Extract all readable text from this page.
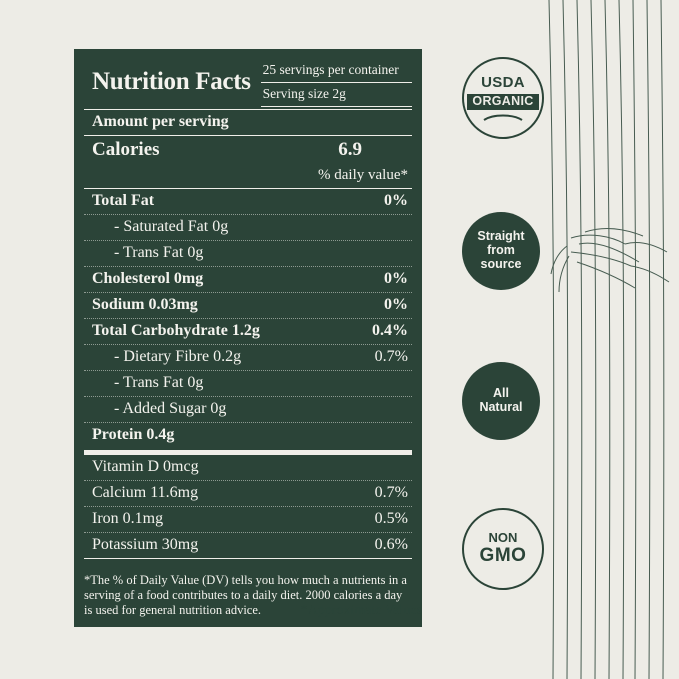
Nutrition Facts 25 servings per container
Serving size 2g
Amount per serving
Calories	6.9
% daily value*
Total Fat	0%
- Saturated Fat 0g
- Trans Fat 0g
Cholesterol 0mg	0%
Sodium 0.03mg	0%
Total Carbohydrate 1.2g	0.4%
- Dietary Fibre 0.2g	0.7%
- Trans Fat 0g
- Added Sugar 0g
Protein 0.4g
Vitamin D 0mcg
Calcium 11.6mg	0.7%
Iron 0.1mg	0.5%
Potassium 30mg	0.6%
*The % of Daily Value (DV) tells you how much a nutrients in a serving of a food contributes to a daily diet. 2000 calories a day is used for general nutrition advice.	*Approximate Values
USDA
ORGANIC
Straight
from
source
All
Natural
NON
GMO
